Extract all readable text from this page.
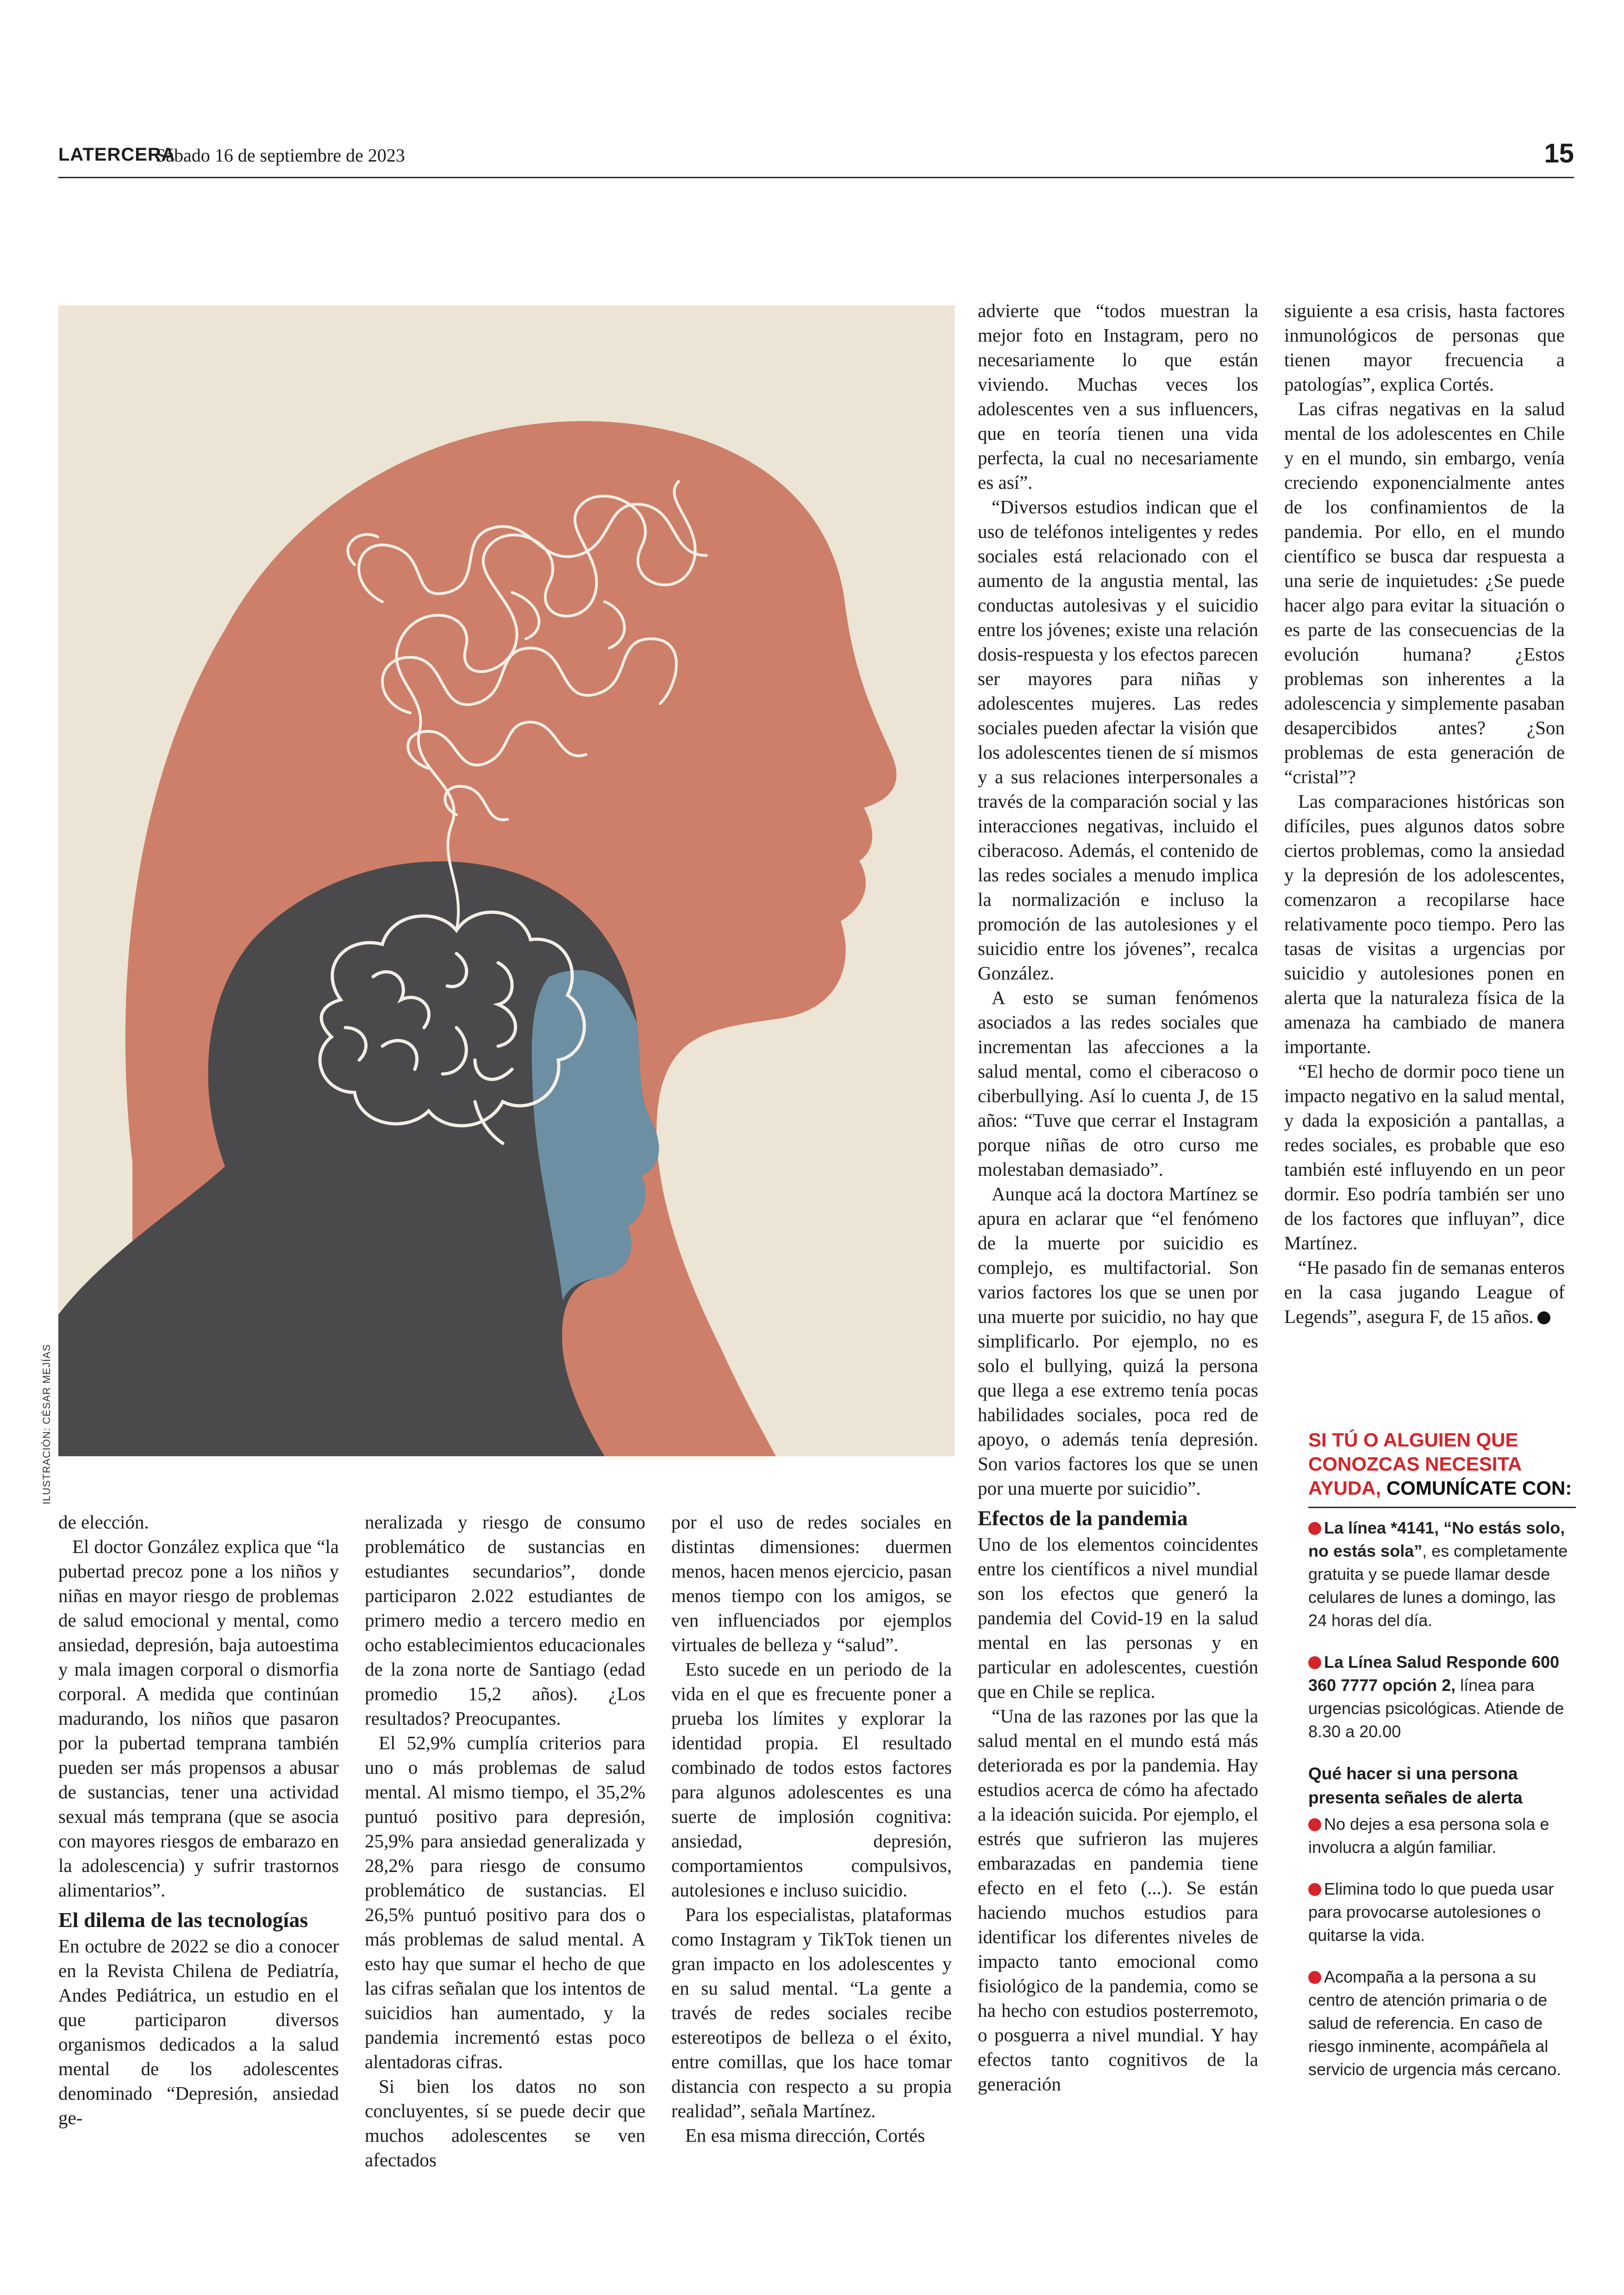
LATERCERA
Sábado 16 de septiembre de 2023	15
ILUSTRACIÓN: CÉSAR MEJÍAS

de elección.

El doctor González explica que “la pubertad precoz pone a los niños y niñas en mayor riesgo de problemas de salud emocional y mental, como ansiedad, depresión, baja autoestima y mala imagen corporal o dismorfia corporal. A medida que continúan madurando, los niños que pasaron por la pubertad temprana también pueden ser más propensos a abusar de sustancias, tener una actividad sexual más temprana (que se asocia con mayores riesgos de embarazo en la adolescencia) y sufrir trastornos alimentarios”.

El dilema de las tecnologías

En octubre de 2022 se dio a conocer en la Revista Chilena de Pediatría, Andes Pediátrica, un estudio en el que participaron diversos organismos dedicados a la salud mental de los adolescentes denominado “Depresión, ansiedad ge-

neralizada y riesgo de consumo problemático de sustancias en estudiantes secundarios”, donde participaron 2.022 estudiantes de primero medio a tercero medio en ocho establecimientos educacionales de la zona norte de Santiago (edad promedio 15,2 años). ¿Los resultados? Preocupantes.

El 52,9% cumplía criterios para uno o más problemas de salud mental. Al mismo tiempo, el 35,2% puntuó positivo para depresión, 25,9% para ansiedad generalizada y 28,2% para riesgo de consumo problemático de sustancias. El 26,5% puntuó positivo para dos o más problemas de salud mental. A esto hay que sumar el hecho de que las cifras señalan que los intentos de suicidios han aumentado, y la pandemia incrementó estas poco alentadoras cifras.

Si bien los datos no son concluyentes, sí se puede decir que muchos adolescentes se ven afectados

por el uso de redes sociales en distintas dimensiones: duermen menos, hacen menos ejercicio, pasan menos tiempo con los amigos, se ven influenciados por ejemplos virtuales de belleza y “salud”.

Esto sucede en un periodo de la vida en el que es frecuente poner a prueba los límites y explorar la identidad propia. El resultado combinado de todos estos factores para algunos adolescentes es una suerte de implosión cognitiva: ansiedad, depresión, comportamientos compulsivos, autolesiones e incluso suicidio.

Para los especialistas, plataformas como Instagram y TikTok tienen un gran impacto en los adolescentes y en su salud mental. “La gente a través de redes sociales recibe estereotipos de belleza o el éxito, entre comillas, que los hace tomar distancia con respecto a su propia realidad”, señala Martínez.

En esa misma dirección, Cortés

advierte que “todos muestran la mejor foto en Instagram, pero no necesariamente lo que están viviendo. Muchas veces los adolescentes ven a sus influencers, que en teoría tienen una vida perfecta, la cual no necesariamente es así”.

“Diversos estudios indican que el uso de teléfonos inteligentes y redes sociales está relacionado con el aumento de la angustia mental, las conductas autolesivas y el suicidio entre los jóvenes; existe una relación dosis-respuesta y los efectos parecen ser mayores para niñas y adolescentes mujeres. Las redes sociales pueden afectar la visión que los adolescentes tienen de sí mismos y a sus relaciones interpersonales a través de la comparación social y las interacciones negativas, incluido el ciberacoso. Además, el contenido de las redes sociales a menudo implica la normalización e incluso la promoción de las autolesiones y el suicidio entre los jóvenes”, recalca González.

A esto se suman fenómenos asociados a las redes sociales que incrementan las afecciones a la salud mental, como el ciberacoso o ciberbullying. Así lo cuenta J, de 15 años: “Tuve que cerrar el Instagram porque niñas de otro curso me molestaban demasiado”.

Aunque acá la doctora Martínez se apura en aclarar que “el fenómeno de la muerte por suicidio es complejo, es multifactorial. Son varios factores los que se unen por una muerte por suicidio, no hay que simplificarlo. Por ejemplo, no es solo el bullying, quizá la persona que llega a ese extremo tenía pocas habilidades sociales, poca red de apoyo, o además tenía depresión. Son varios factores los que se unen por una muerte por suicidio”.

Efectos de la pandemia

Uno de los elementos coincidentes entre los científicos a nivel mundial son los efectos que generó la pandemia del Covid-19 en la salud mental en las personas y en particular en adolescentes, cuestión que en Chile se replica.

“Una de las razones por las que la salud mental en el mundo está más deteriorada es por la pandemia. Hay estudios acerca de cómo ha afectado a la ideación suicida. Por ejemplo, el estrés que sufrieron las mujeres embarazadas en pandemia tiene efecto en el feto (...). Se están haciendo muchos estudios para identificar los diferentes niveles de impacto tanto emocional como fisiológico de la pandemia, como se ha hecho con estudios posterremoto, o posguerra a nivel mundial. Y hay efectos tanto cognitivos de la generación

siguiente a esa crisis, hasta factores inmunológicos de personas que tienen mayor frecuencia a patologías”, explica Cortés.

Las cifras negativas en la salud mental de los adolescentes en Chile y en el mundo, sin embargo, venía creciendo exponencialmente antes de los confinamientos de la pandemia. Por ello, en el mundo científico se busca dar respuesta a una serie de inquietudes: ¿Se puede hacer algo para evitar la situación o es parte de las consecuencias de la evolución humana? ¿Estos problemas son inherentes a la adolescencia y simplemente pasaban desapercibidos antes? ¿Son problemas de esta generación de “cristal”?

Las comparaciones históricas son difíciles, pues algunos datos sobre ciertos problemas, como la ansiedad y la depresión de los adolescentes, comenzaron a recopilarse hace relativamente poco tiempo. Pero las tasas de visitas a urgencias por suicidio y autolesiones ponen en alerta que la naturaleza física de la amenaza ha cambiado de manera importante.

“El hecho de dormir poco tiene un impacto negativo en la salud mental, y dada la exposición a pantallas, a redes sociales, es probable que eso también esté influyendo en un peor dormir. Eso podría también ser uno de los factores que influyan”, dice Martínez.

“He pasado fin de semanas enteros en la casa jugando League of Legends”, asegura F, de 15 años.

SI TÚ O ALGUIEN QUE CONOZCAS NECESITA AYUDA, COMUNÍCATE CON:
La línea *4141, “No estás solo, no estás sola”, es completamente gratuita y se puede llamar desde celulares de lunes a domingo, las 24 horas del día.
La Línea Salud Responde 600 360 7777 opción 2, línea para urgencias psicológicas. Atiende de 8.30 a 20.00
Qué hacer si una persona presenta señales de alerta
No dejes a esa persona sola e involucra a algún familiar.
Elimina todo lo que pueda usar para provocarse autolesiones o quitarse la vida.
Acompaña a la persona a su centro de atención primaria o de salud de referencia. En caso de riesgo inminente, acompáñela al servicio de urgencia más cercano.
